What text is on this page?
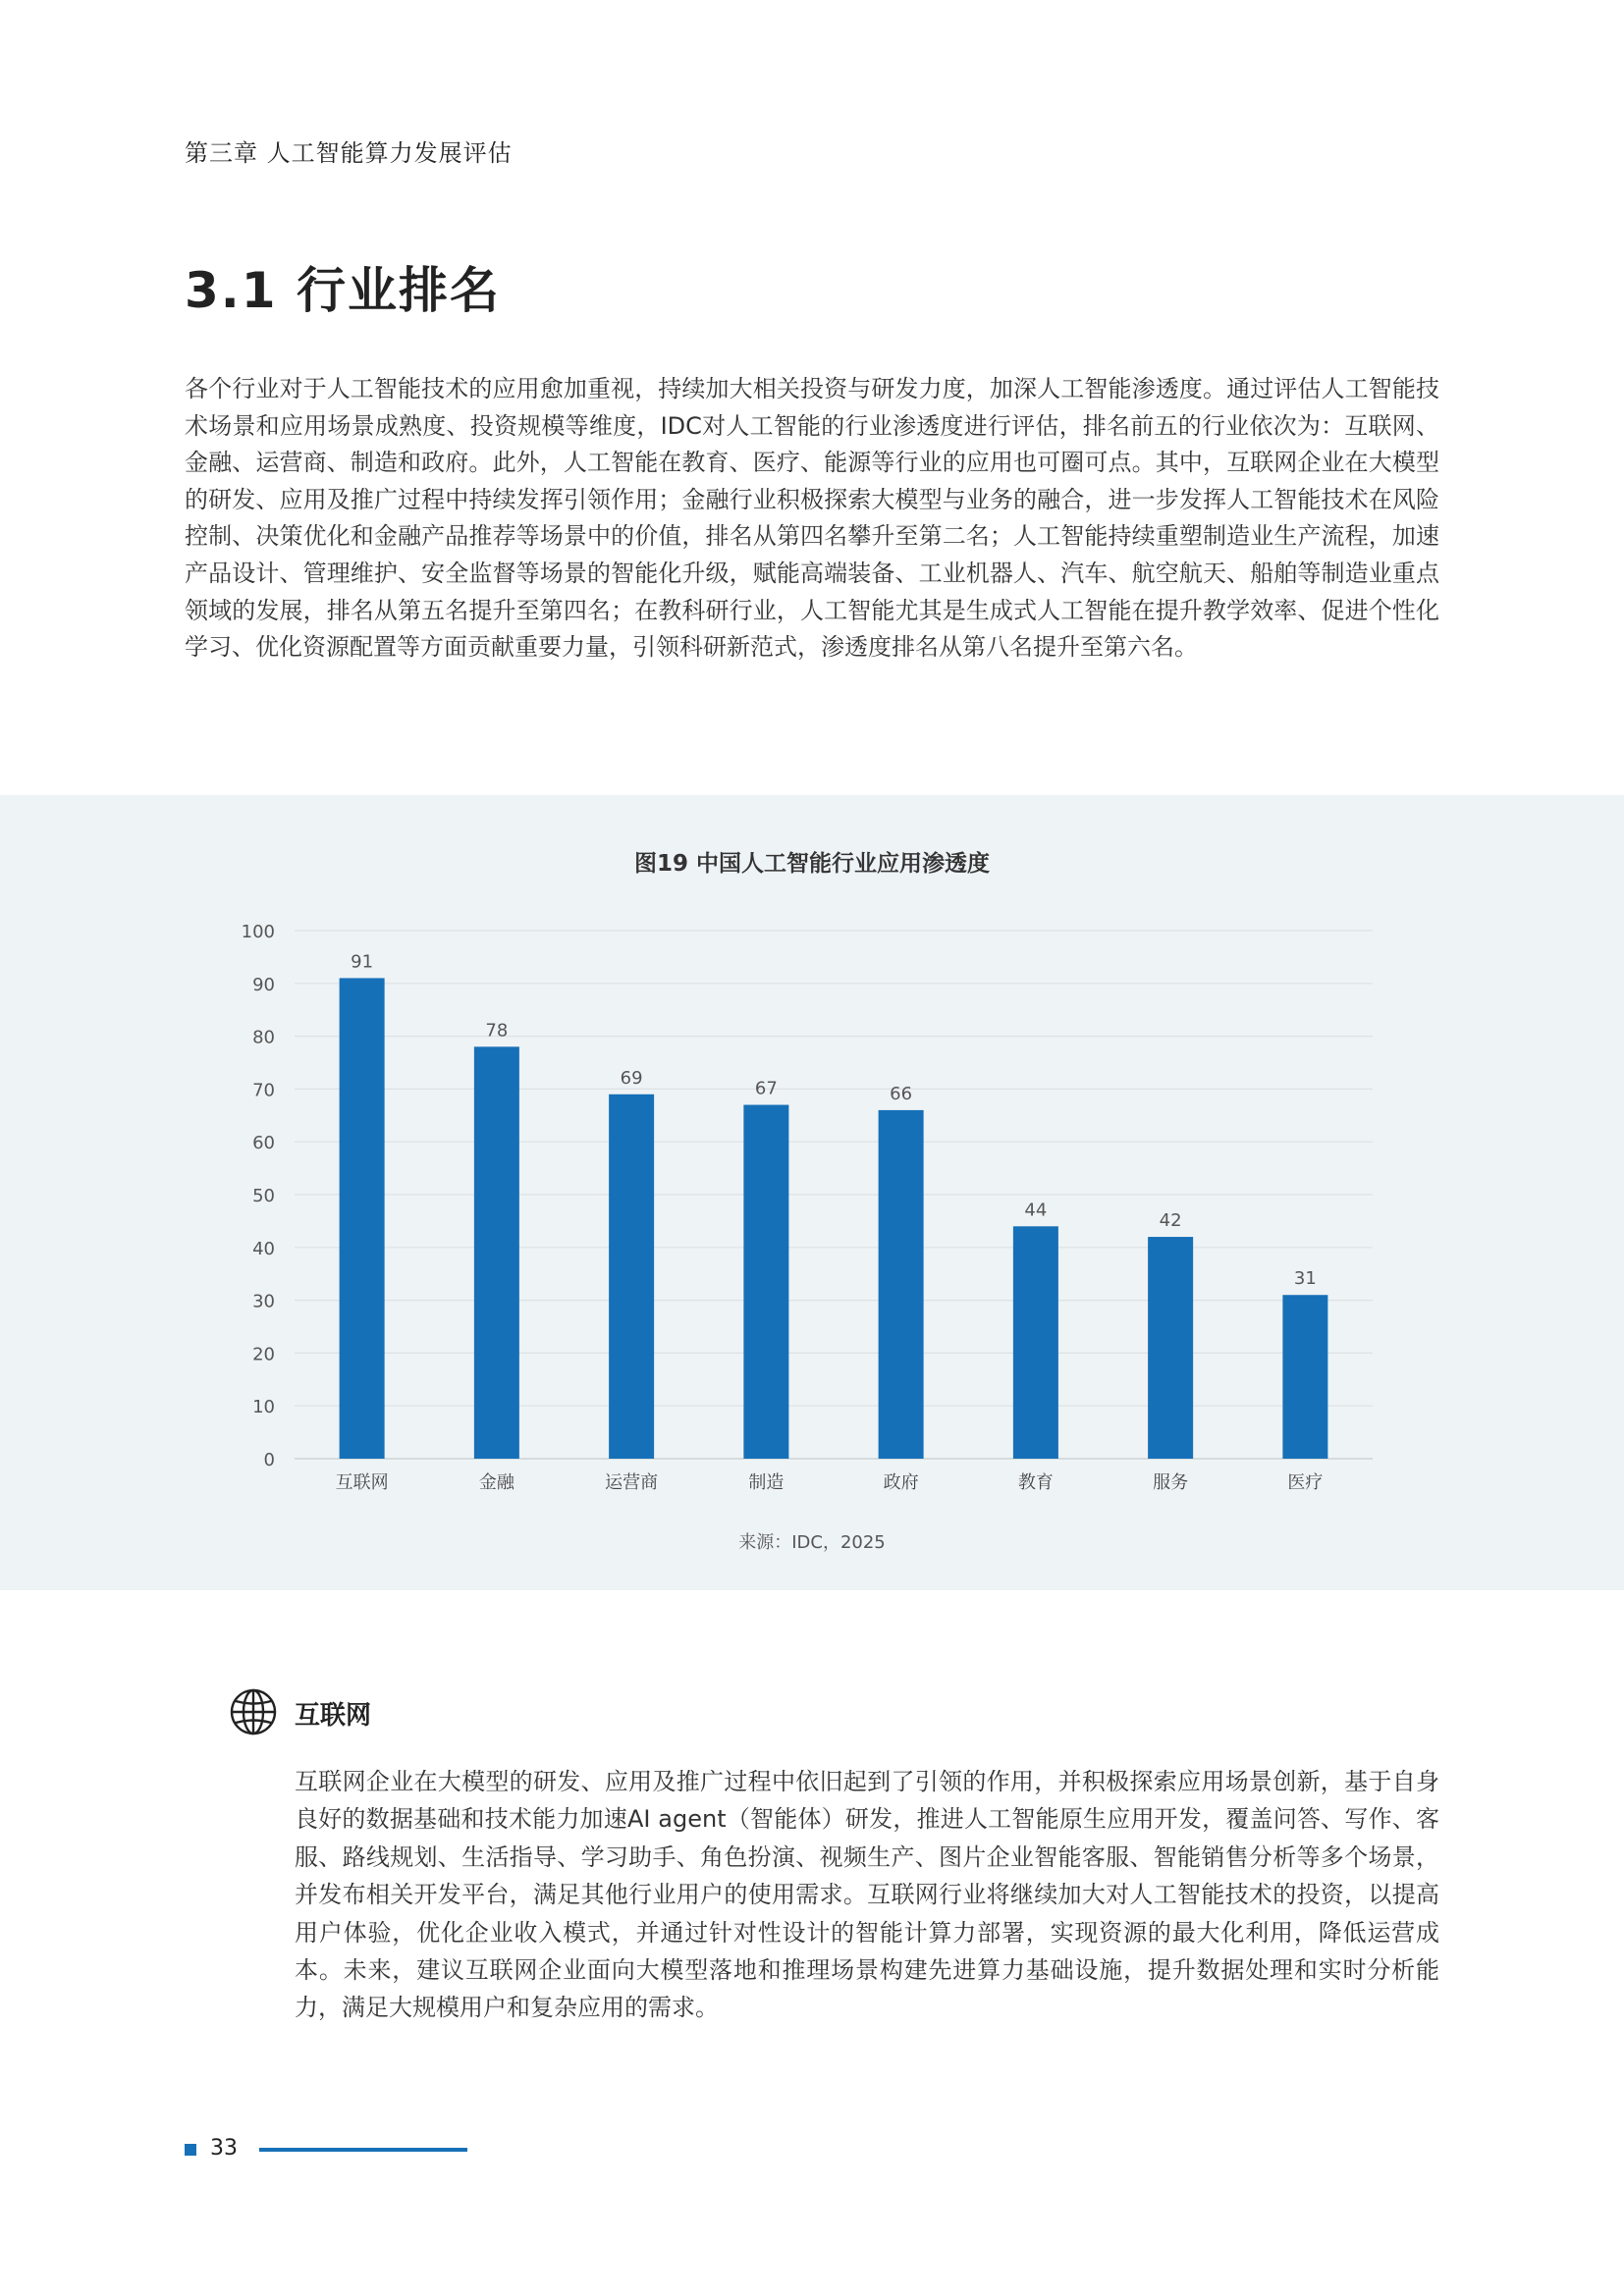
第三章 人工智能算力发展评估
3.1 行业排名

各个行业对于人工智能技术的应用愈加重视，持续加大相关投资与研发力度，加深人工智能渗透度。通过评估人工智能技术场景和应用场景成熟度、投资规模等维度，IDC对人工智能的行业渗透度进行评估，排名前五的行业依次为：互联网、金融、运营商、制造和政府。此外，人工智能在教育、医疗、能源等行业的应用也可圈可点。其中，互联网企业在大模型的研发、应用及推广过程中持续发挥引领作用；金融行业积极探索大模型与业务的融合，进一步发挥人工智能技术在风险控制、决策优化和金融产品推荐等场景中的价值，排名从第四名攀升至第二名；人工智能持续重塑制造业生产流程，加速产品设计、管理维护、安全监督等场景的智能化升级，赋能高端装备、工业机器人、汽车、航空航天、船舶等制造业重点领域的发展，排名从第五名提升至第四名；在教科研行业，人工智能尤其是生成式人工智能在提升教学效率、促进个性化学习、优化资源配置等方面贡献重要力量，引领科研新范式，渗透度排名从第八名提升至第六名。

图19 中国人工智能行业应用渗透度
0
10
20
30
40
50
60
70
80
90
100
91
互联网
78
金融
69
运营商
67
制造
66
政府
44
教育
42
服务
31
医疗
来源：IDC，2025
互联网

互联网企业在大模型的研发、应用及推广过程中依旧起到了引领的作用，并积极探索应用场景创新，基于自身良好的数据基础和技术能力加速AI agent（智能体）研发，推进人工智能原生应用开发，覆盖问答、写作、客服、路线规划、生活指导、学习助手、角色扮演、视频生产、图片企业智能客服、智能销售分析等多个场景， 并发布相关开发平台，满足其他行业用户的使用需求。互联网行业将继续加大对人工智能技术的投资，以提高用户体验，优化企业收入模式，并通过针对性设计的智能计算力部署，实现资源的最大化利用，降低运营成本。未来，建议互联网企业面向大模型落地和推理场景构建先进算力基础设施，提升数据处理和实时分析能力，满足大规模用户和复杂应用的需求。

33
